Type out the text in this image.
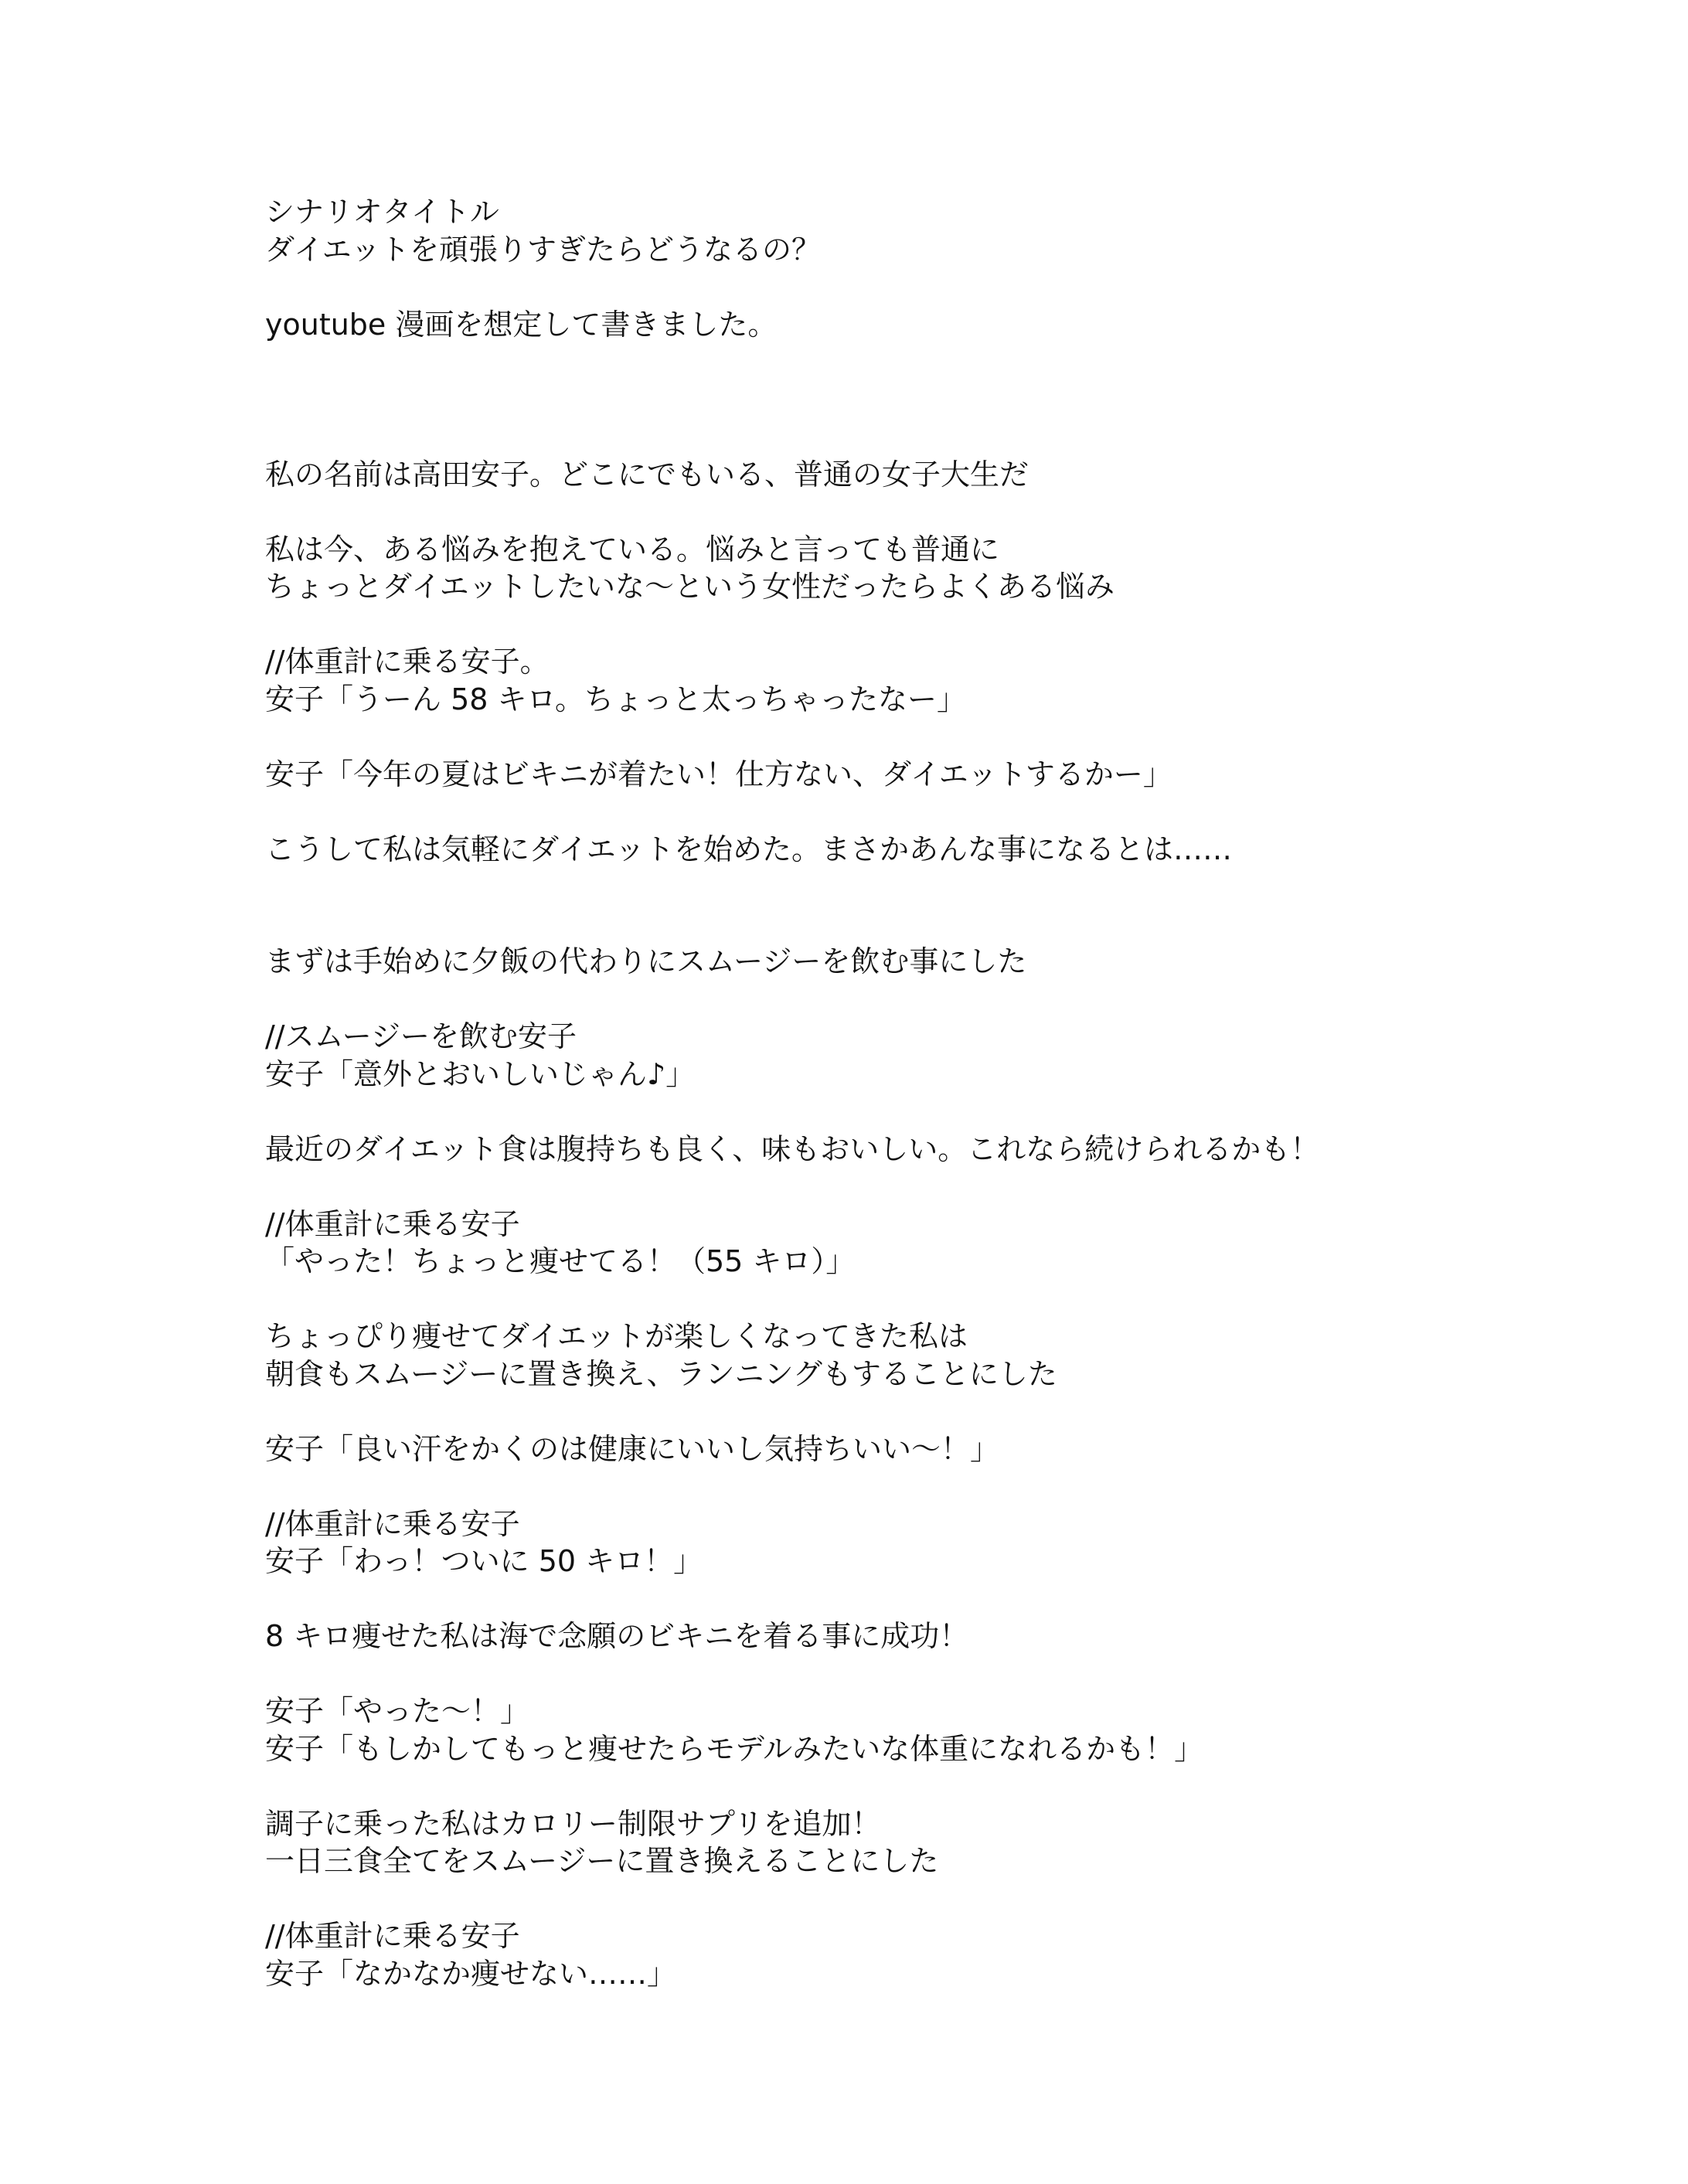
シナリオタイトル
ダイエットを頑張りすぎたらどうなるの？
youtube 漫画を想定して書きました。
私の名前は高田安子。どこにでもいる、普通の女子大生だ
私は今、ある悩みを抱えている。悩みと言っても普通に
ちょっとダイエットしたいな～という女性だったらよくある悩み
//体重計に乗る安子。
安子「うーん 58 キロ。ちょっと太っちゃったなー」
安子「今年の夏はビキニが着たい！仕方ない、ダイエットするかー」
こうして私は気軽にダイエットを始めた。まさかあんな事になるとは……
まずは手始めに夕飯の代わりにスムージーを飲む事にした
//スムージーを飲む安子
安子「意外とおいしいじゃん♪」
最近のダイエット食は腹持ちも良く、味もおいしい。これなら続けられるかも！
//体重計に乗る安子
「やった！ちょっと痩せてる！（55 キロ）」
ちょっぴり痩せてダイエットが楽しくなってきた私は
朝食もスムージーに置き換え、ランニングもすることにした
安子「良い汗をかくのは健康にいいし気持ちいい～！」
//体重計に乗る安子
安子「わっ！ついに 50 キロ！」
8 キロ痩せた私は海で念願のビキニを着る事に成功！
安子「やった～！」
安子「もしかしてもっと痩せたらモデルみたいな体重になれるかも！」
調子に乗った私はカロリー制限サプリを追加！
一日三食全てをスムージーに置き換えることにした
//体重計に乗る安子
安子「なかなか痩せない……」
